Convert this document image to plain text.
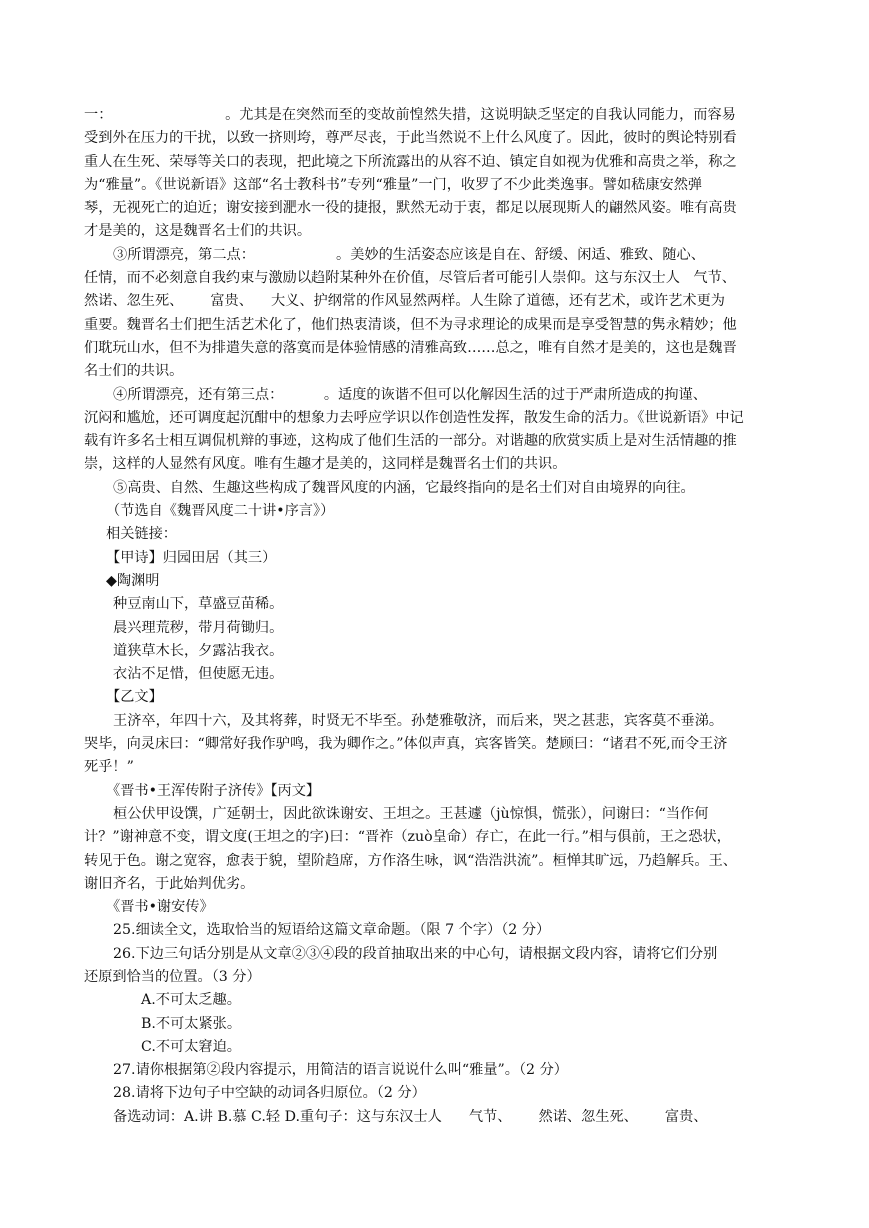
一：                         。尤其是在突然而至的变故前惶然失措，这说明缺乏坚定的自我认同能力，而容易
受到外在压力的干扰，以致一挤则垮，尊严尽丧，于此当然说不上什么风度了。因此，彼时的舆论特别看
重人在生死、荣辱等关口的表现，把此境之下所流露出的从容不迫、镇定自如视为优雅和高贵之举，称之
为“雅量”。《世说新语》这部“名士教科书”专列“雅量”一门，收罗了不少此类逸事。譬如嵇康安然弹
琴，无视死亡的迫近；谢安接到淝水一役的捷报，默然无动于衷，都足以展现斯人的翩然风姿。唯有高贵
才是美的，这是魏晋名士们的共识。
③所谓漂亮，第二点：                  。美妙的生活姿态应该是自在、舒缓、闲适、雅致、随心、
任情，而不必刻意自我约束与激励以趋附某种外在价值，尽管后者可能引人崇仰。这与东汉士人   气节、
然诺、忽生死、      富贵、    大义、护纲常的作风显然两样。人生除了道德，还有艺术，或许艺术更为
重要。魏晋名士们把生活艺术化了，他们热衷清谈，但不为寻求理论的成果而是享受智慧的隽永精妙；他
们耽玩山水，但不为排遣失意的落寞而是体验情感的清雅高致……总之，唯有自然才是美的，这也是魏晋
名士们的共识。
④所谓漂亮，还有第三点：         。适度的诙谐不但可以化解因生活的过于严肃所造成的拘谨、
沉闷和尴尬，还可调度起沉酣中的想象力去呼应学识以作创造性发挥，散发生命的活力。《世说新语》中记
载有许多名士相互调侃机辩的事迹，这构成了他们生活的一部分。对谐趣的欣赏实质上是对生活情趣的推
崇，这样的人显然有风度。唯有生趣才是美的，这同样是魏晋名士们的共识。
⑤高贵、自然、生趣这些构成了魏晋风度的内涵，它最终指向的是名士们对自由境界的向往。
（节选自《魏晋风度二十讲•序言》）
相关链接：
【甲诗】归园田居（其三）
◆陶渊明
种豆南山下，草盛豆苗稀。
晨兴理荒秽，带月荷锄归。
道狭草木长，夕露沾我衣。
衣沾不足惜，但使愿无违。
【乙文】
王济卒，年四十六，及其将葬，时贤无不毕至。孙楚雅敬济，而后来，哭之甚悲，宾客莫不垂涕。
哭毕，向灵床曰：“卿常好我作驴鸣，我为卿作之。”体似声真，宾客皆笑。楚顾曰：“诸君不死,而令王济
死乎！”
《晋书•王浑传附子济传》【丙文】
桓公伏甲设馔，广延朝士，因此欲诛谢安、王坦之。王甚遽（jù惊惧，慌张），问谢曰：“当作何
计？”谢神意不变，谓文度(王坦之的字)曰：“晋祚（zuò皇命）存亡，在此一行。”相与俱前，王之恐状，
转见于色。谢之宽容，愈表于貌，望阶趋席，方作洛生咏，讽“浩浩洪流”。桓惮其旷远，乃趋解兵。王、
谢旧齐名，于此始判优劣。
《晋书•谢安传》
25.细读全文，选取恰当的短语给这篇文章命题。（限 7 个字）（2 分）
26.下边三句话分别是从文章②③④段的段首抽取出来的中心句，请根据文段内容，请将它们分别
还原到恰当的位置。（3 分）
A.不可太乏趣。
B.不可太紧张。
C.不可太窘迫。
27.请你根据第②段内容提示，用简洁的语言说说什么叫“雅量”。（2 分）
28.请将下边句子中空缺的动词各归原位。（2 分）
备选动词：A.讲 B.慕 C.轻 D.重句子：这与东汉士人      气节、      然诺、忽生死、      富贵、
